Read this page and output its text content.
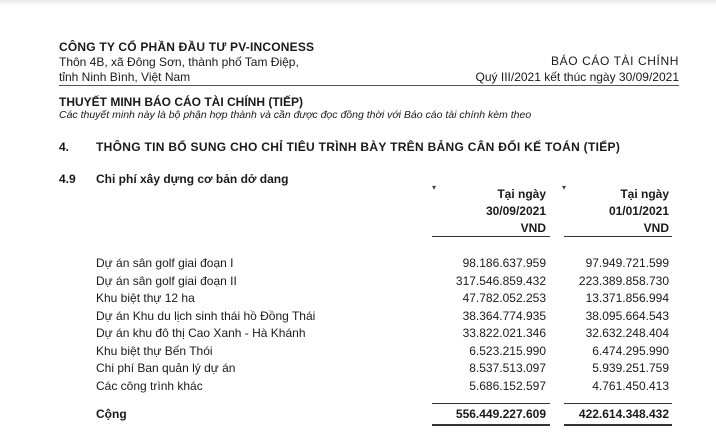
CÔNG TY CỔ PHẦN ĐẦU TƯ PV-INCONESS
Thôn 4B, xã Đông Sơn, thành phố Tam Điệp,
tỉnh Ninh Bình, Việt Nam
BÁO CÁO TÀI CHÍNH
Quý III/2021 kết thúc ngày 30/09/2021
THUYẾT MINH BÁO CÁO TÀI CHÍNH (TIẾP)
Các thuyết minh này là bộ phận hợp thành và cần được đọc đồng thời với Báo cáo tài chính kèm theo
4. THÔNG TIN BỔ SUNG CHO CHỈ TIÊU TRÌNH BÀY TRÊN BẢNG CÂN ĐỐI KẾ TOÁN (TIẾP)
4.9 Chi phí xây dựng cơ bản dở dang
▾	▾
Tại ngày
30/09/2021
VND
Tại ngày
01/01/2021
VND
Dự án sân golf giai đoạn I	98.186.637.959	97.949.721.599
Dự án sân golf giai đoạn II	317.546.859.432	223.389.858.730
Khu biệt thự 12 ha	47.782.052.253	13.371.856.994
Dự án Khu du lịch sinh thái hồ Đồng Thái	38.364.774.935	38.095.664.543
Dự án khu đô thị Cao Xanh - Hà Khánh	33.822.021.346	32.632.248.404
Khu biệt thự Bến Thói	6.523.215.990	6.474.295.990
Chi phí Ban quản lý dự án	8.537.513.097	5.939.251.759
Các công trình khác	5.686.152.597	4.761.450.413
Cộng	556.449.227.609	422.614.348.432
